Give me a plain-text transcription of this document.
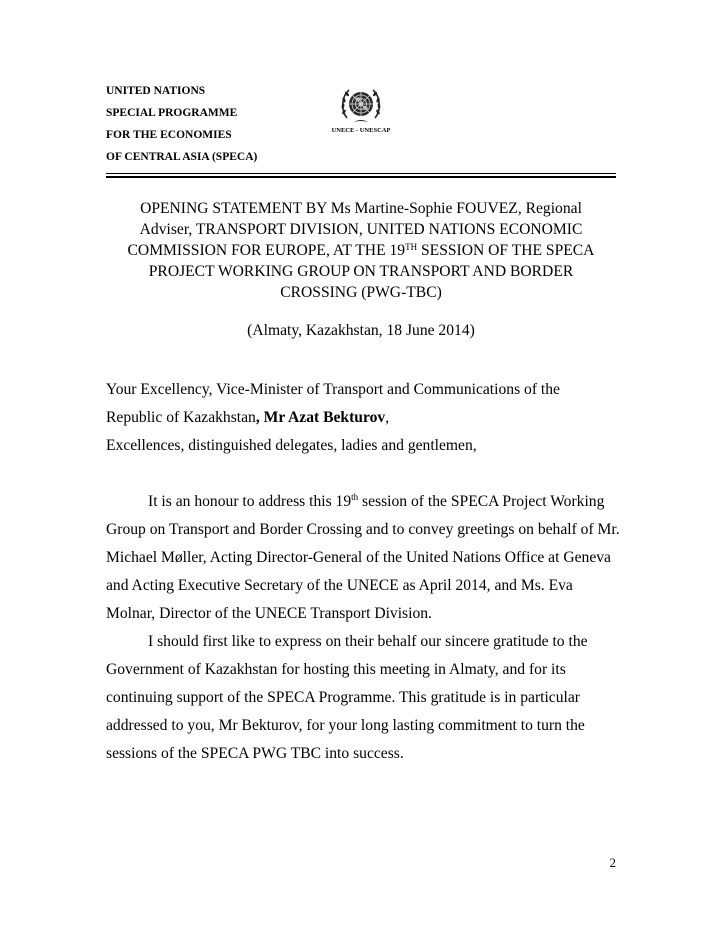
UNITED NATIONS
SPECIAL PROGRAMME
FOR THE ECONOMIES
OF CENTRAL ASIA (SPECA)
UNECE - UNESCAP
OPENING STATEMENT BY Ms Martine-Sophie FOUVEZ, Regional
Adviser, TRANSPORT DIVISION, UNITED NATIONS ECONOMIC
COMMISSION FOR EUROPE, AT THE 19TH SESSION OF THE SPECA
PROJECT WORKING GROUP ON TRANSPORT AND BORDER
CROSSING (PWG-TBC)
(Almaty, Kazakhstan, 18 June 2014)
Your Excellency, Vice-Minister of Transport and Communications of the
Republic of Kazakhstan, Mr Azat Bekturov,
Excellences, distinguished delegates, ladies and gentlemen,

It is an honour to address this 19th session of the SPECA Project Working Group on Transport and Border Crossing and to convey greetings on behalf of Mr. Michael Møller, Acting Director-General of the United Nations Office at Geneva and Acting Executive Secretary of the UNECE as April 2014, and Ms. Eva Molnar, Director of the UNECE Transport Division.

I should first like to express on their behalf our sincere gratitude to the Government of Kazakhstan for hosting this meeting in Almaty, and for its continuing support of the SPECA Programme. This gratitude is in particular addressed to you, Mr Bekturov, for your long lasting commitment to turn the sessions of the SPECA PWG TBC into success.

2
